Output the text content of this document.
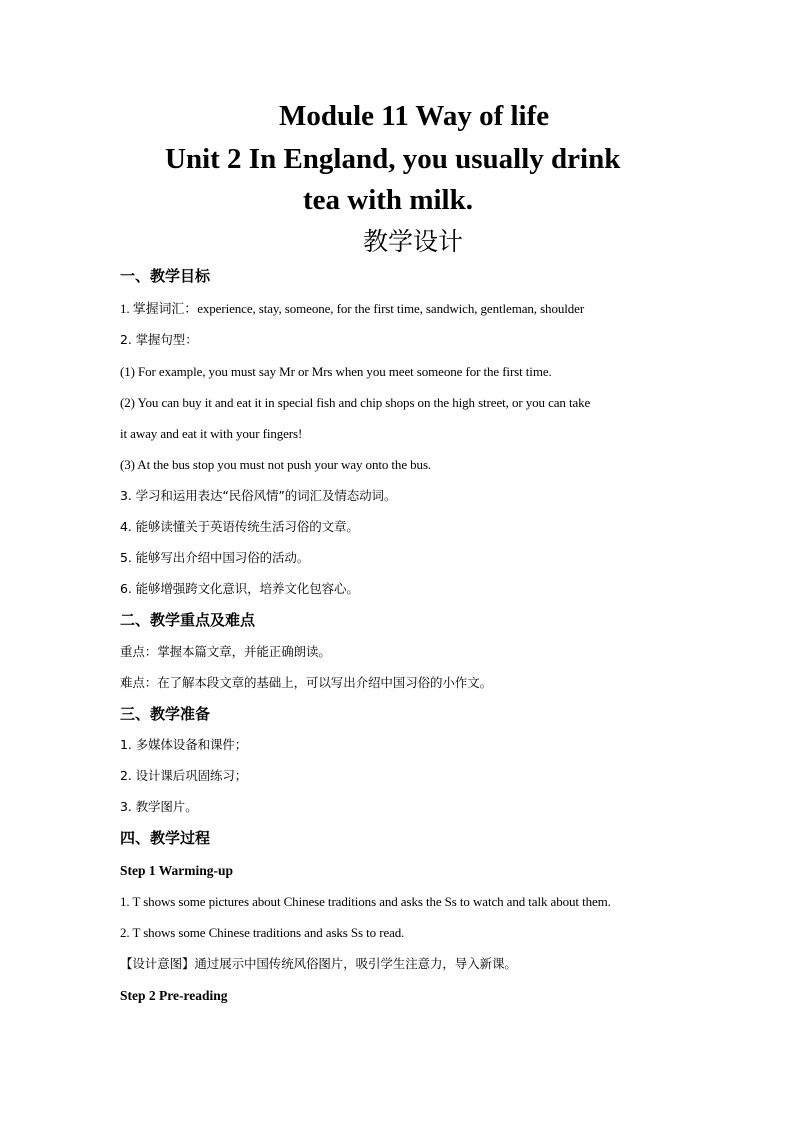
Module 11 Way of life
Unit 2 In England, you usually drink
tea with milk.
教学设计
一、教学目标
1. 掌握词汇：experience, stay, someone, for the first time, sandwich, gentleman, shoulder
2. 掌握句型：
(1) For example, you must say Mr or Mrs when you meet someone for the first time.
(2) You can buy it and eat it in special fish and chip shops on the high street, or you can take
it away and eat it with your fingers!
(3) At the bus stop you must not push your way onto the bus.
3. 学习和运用表达“民俗风情”的词汇及情态动词。
4. 能够读懂关于英语传统生活习俗的文章。
5. 能够写出介绍中国习俗的活动。
6. 能够增强跨文化意识，培养文化包容心。
二、教学重点及难点
重点：掌握本篇文章，并能正确朗读。
难点：在了解本段文章的基础上，可以写出介绍中国习俗的小作文。
三、教学准备
1. 多媒体设备和课件；
2. 设计课后巩固练习；
3. 教学图片。
四、教学过程
Step 1 Warming-up
1. T shows some pictures about Chinese traditions and asks the Ss to watch and talk about them.
2. T shows some Chinese traditions and asks Ss to read.
【设计意图】通过展示中国传统风俗图片，吸引学生注意力，导入新课。
Step 2 Pre-reading
